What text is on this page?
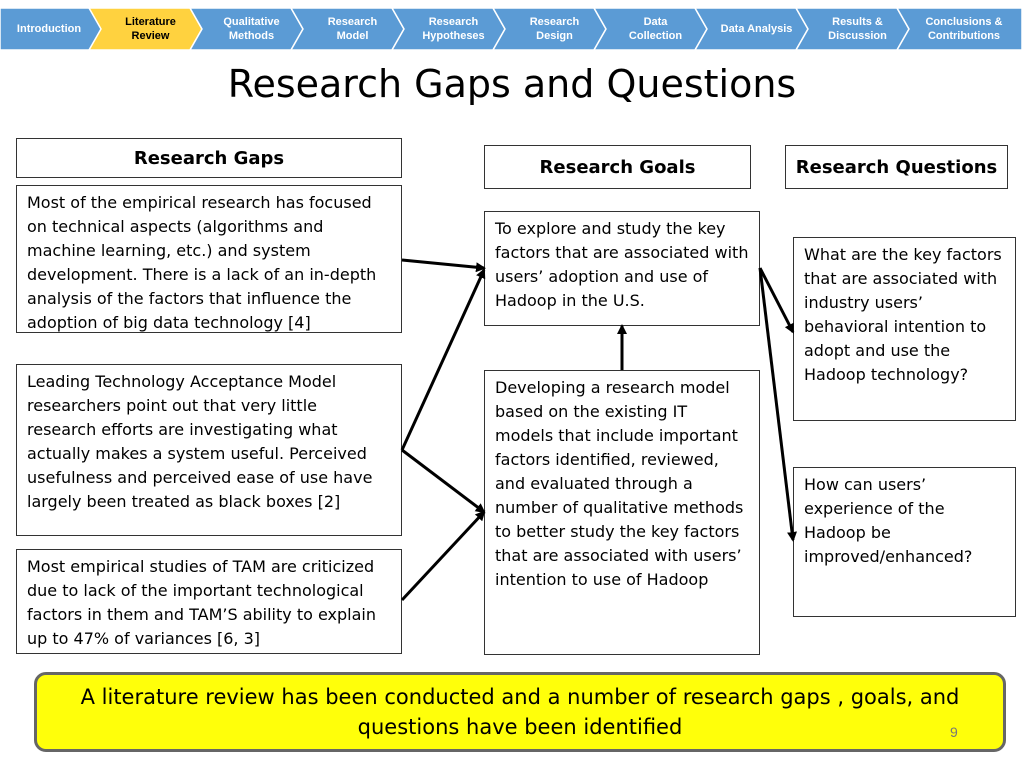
Introduction
Literature
Review
Qualitative
Methods
Research
Model
Research
Hypotheses
Research
Design
Data
Collection
Data Analysis
Results &
Discussion
Conclusions &
Contributions
Research Gaps and Questions
Research Gaps
Most of the empirical research has focused on technical aspects (algorithms and machine learning, etc.) and system development. There is a lack of an in-depth analysis of the factors that influence the adoption of big data technology [4]
Leading Technology Acceptance Model researchers point out that very little research efforts are investigating what actually makes a system useful. Perceived usefulness and perceived ease of use have largely been treated as black boxes [2]
Most empirical studies of TAM are criticized due to lack of the important technological factors in them and TAM’S ability to explain up to 47% of variances [6, 3]
Research Goals
To explore and study the key factors that are associated with users’ adoption and use of Hadoop in the U.S.
Developing a research model based on the existing IT models that include important factors identified, reviewed, and evaluated through a number of qualitative methods to better study the key factors that are associated with users’ intention to use of Hadoop
Research Questions
What are the key factors that are associated with industry users’ behavioral intention to adopt and use the Hadoop technology?
How can users’ experience of the Hadoop be improved/enhanced?
A literature review has been conducted and a number of research gaps , goals, and questions have been identified	9
